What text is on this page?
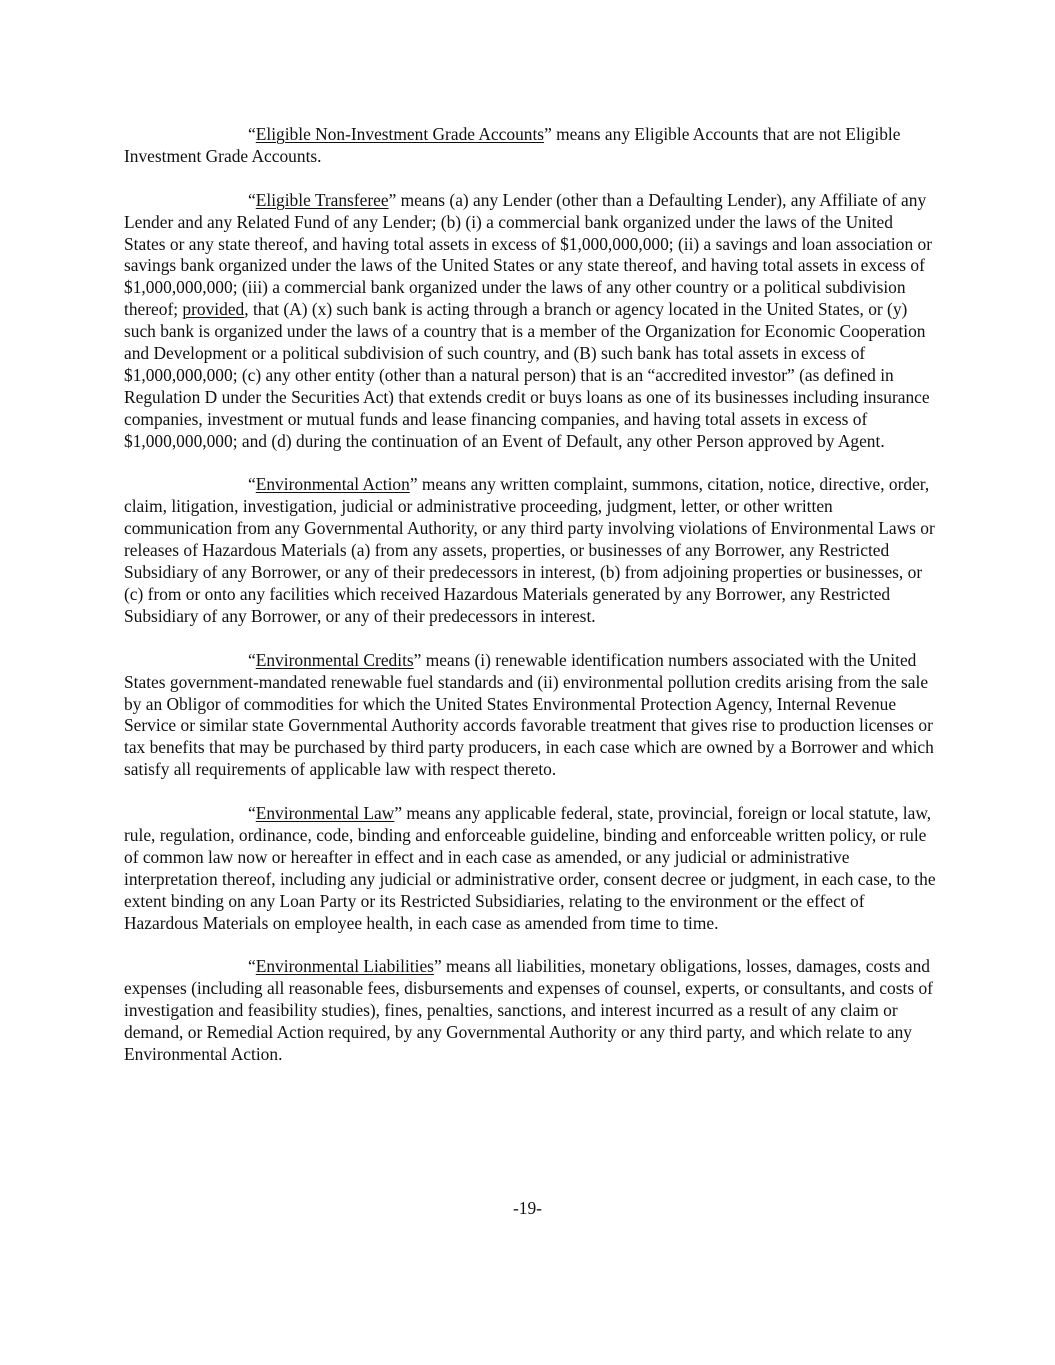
“Eligible Non-Investment Grade Accounts” means any Eligible Accounts that are not Eligible Investment Grade Accounts.

“Eligible Transferee” means (a) any Lender (other than a Defaulting Lender), any Affiliate of any Lender and any Related Fund of any Lender; (b) (i) a commercial bank organized under the laws of the United States or any state thereof, and having total assets in excess of $1,000,000,000; (ii) a savings and loan association or savings bank organized under the laws of the United States or any state thereof, and having total assets in excess of $1,000,000,000; (iii) a commercial bank organized under the laws of any other country or a political subdivision thereof; provided, that (A) (x) such bank is acting through a branch or agency located in the United States, or (y) such bank is organized under the laws of a country that is a member of the Organization for Economic Cooperation and Development or a political subdivision of such country, and (B) such bank has total assets in excess of $1,000,000,000; (c) any other entity (other than a natural person) that is an “accredited investor” (as defined in Regulation D under the Securities Act) that extends credit or buys loans as one of its businesses including insurance companies, investment or mutual funds and lease financing companies, and having total assets in excess of $1,000,000,000; and (d) during the continuation of an Event of Default, any other Person approved by Agent.

“Environmental Action” means any written complaint, summons, citation, notice, directive, order, claim, litigation, investigation, judicial or administrative proceeding, judgment, letter, or other written communication from any Governmental Authority, or any third party involving violations of Environmental Laws or releases of Hazardous Materials (a) from any assets, properties, or businesses of any Borrower, any Restricted Subsidiary of any Borrower, or any of their predecessors in interest, (b) from adjoining properties or businesses, or (c) from or onto any facilities which received Hazardous Materials generated by any Borrower, any Restricted Subsidiary of any Borrower, or any of their predecessors in interest.

“Environmental Credits” means (i) renewable identification numbers associated with the United States government-mandated renewable fuel standards and (ii) environmental pollution credits arising from the sale by an Obligor of commodities for which the United States Environmental Protection Agency, Internal Revenue Service or similar state Governmental Authority accords favorable treatment that gives rise to production licenses or tax benefits that may be purchased by third party producers, in each case which are owned by a Borrower and which satisfy all requirements of applicable law with respect thereto.

“Environmental Law” means any applicable federal, state, provincial, foreign or local statute, law, rule, regulation, ordinance, code, binding and enforceable guideline, binding and enforceable written policy, or rule of common law now or hereafter in effect and in each case as amended, or any judicial or administrative interpretation thereof, including any judicial or administrative order, consent decree or judgment, in each case, to the extent binding on any Loan Party or its Restricted Subsidiaries, relating to the environment or the effect of Hazardous Materials on employee health, in each case as amended from time to time.

“Environmental Liabilities” means all liabilities, monetary obligations, losses, damages, costs and expenses (including all reasonable fees, disbursements and expenses of counsel, experts, or consultants, and costs of investigation and feasibility studies), fines, penalties, sanctions, and interest incurred as a result of any claim or demand, or Remedial Action required, by any Governmental Authority or any third party, and which relate to any Environmental Action.

-19-
